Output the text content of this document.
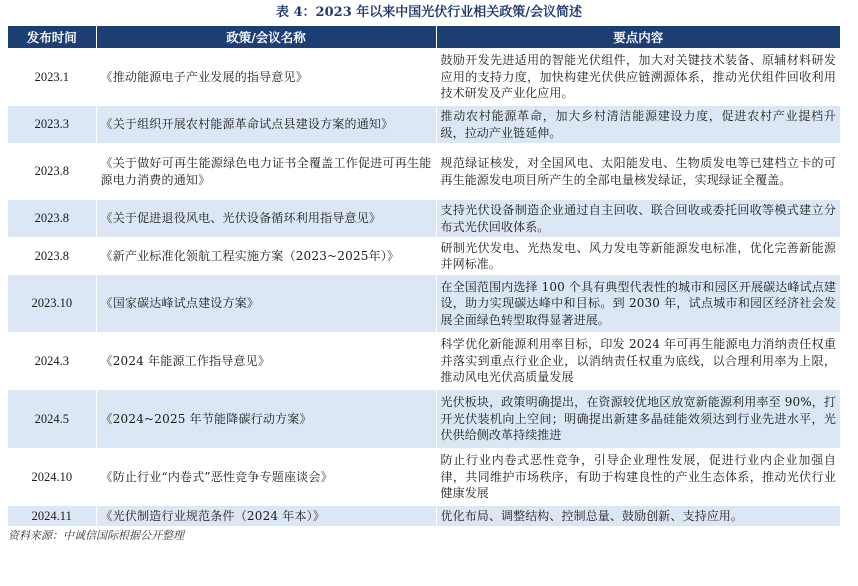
表 4：2023 年以来中国光伏行业相关政策/会议简述
发布时间	政策/会议名称	要点内容
2023.1	《推动能源电子产业发展的指导意见》	鼓励开发先进适用的智能光伏组件，加大对关键技术装备、原辅材料研发应用的支持力度，加快构建光伏供应链溯源体系，推动光伏组件回收利用技术研发及产业化应用。
2023.3	《关于组织开展农村能源革命试点县建设方案的通知》	推动农村能源革命，加大乡村清洁能源建设力度，促进农村产业提档升级，拉动产业链延伸。
2023.8	《关于做好可再生能源绿色电力证书全覆盖工作促进可再生能源电力消费的通知》	规范绿证核发，对全国风电、太阳能发电、生物质发电等已建档立卡的可再生能源发电项目所产生的全部电量核发绿证，实现绿证全覆盖。
2023.8	《关于促进退役风电、光伏设备循环利用指导意见》	支持光伏设备制造企业通过自主回收、联合回收或委托回收等模式建立分布式光伏回收体系。
2023.8	《新产业标准化领航工程实施方案（2023~2025年）》	研制光伏发电、光热发电、风力发电等新能源发电标准，优化完善新能源并网标准。
2023.10	《国家碳达峰试点建设方案》	在全国范围内选择 100 个具有典型代表性的城市和园区开展碳达峰试点建设，助力实现碳达峰中和目标。到 2030 年，试点城市和园区经济社会发展全面绿色转型取得显著进展。
2024.3	《2024 年能源工作指导意见》	科学优化新能源利用率目标，印发 2024 年可再生能源电力消纳责任权重并落实到重点行业企业，以消纳责任权重为底线，以合理利用率为上限，推动风电光伏高质量发展
2024.5	《2024~2025 年节能降碳行动方案》	光伏板块，政策明确提出，在资源较优地区放宽新能源利用率至 90%，打开光伏装机向上空间；明确提出新建多晶硅能效须达到行业先进水平，光伏供给侧改革持续推进
2024.10	《防止行业“内卷式”恶性竞争专题座谈会》	防止行业内卷式恶性竞争，引导企业理性发展，促进行业内企业加强自律，共同维护市场秩序，有助于构建良性的产业生态体系，推动光伏行业健康发展
2024.11	《光伏制造行业规范条件（2024 年本）》	优化布局、调整结构、控制总量、鼓励创新、支持应用。
资料来源：中诚信国际根据公开整理
